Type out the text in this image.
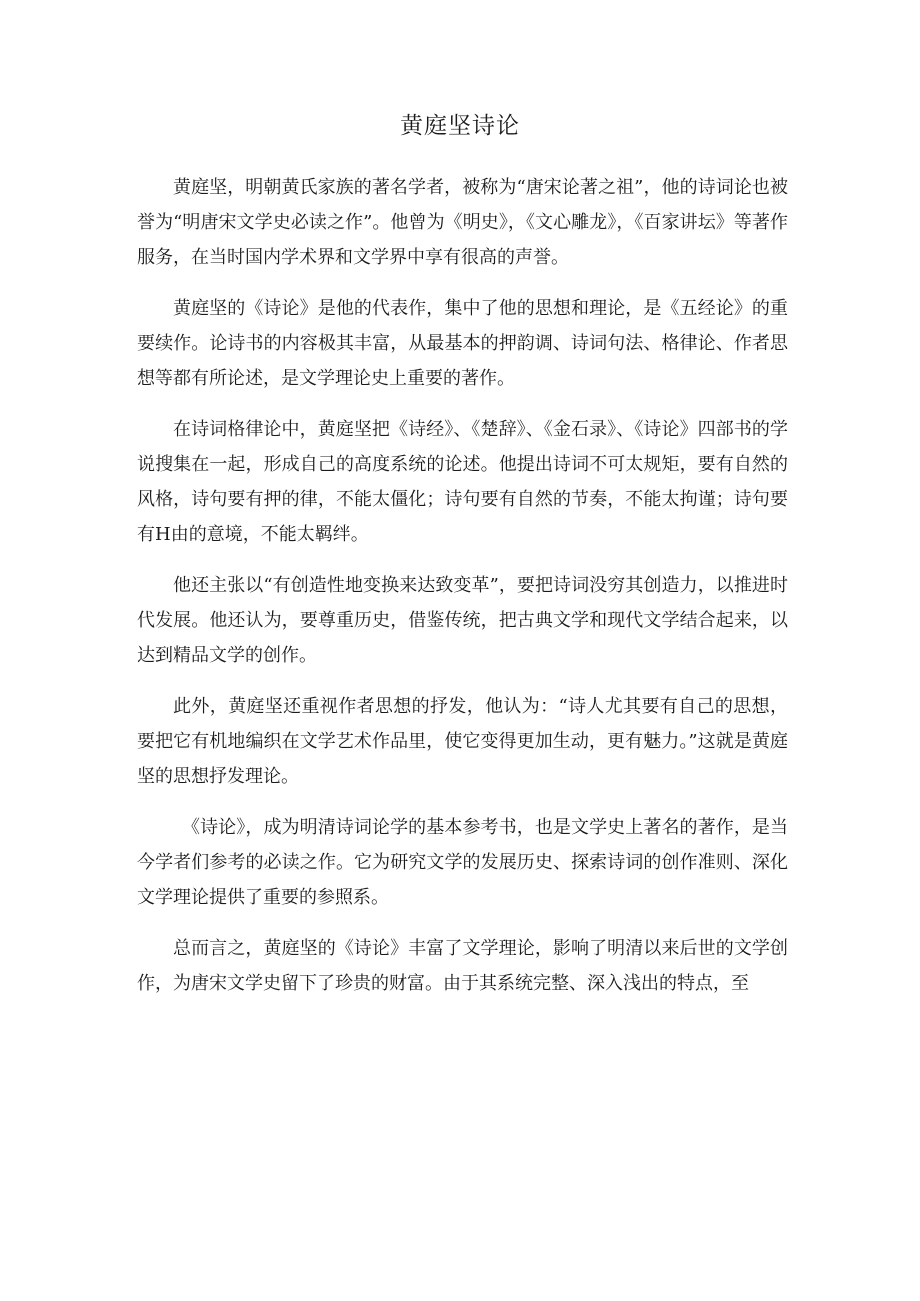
黄庭坚诗论

黄庭坚，明朝黄氏家族的著名学者，被称为“唐宋论著之祖”，他的诗词论也被誉为“明唐宋文学史必读之作”。他曾为《明史》，《文心雕龙》，《百家讲坛》等著作服务，在当时国内学术界和文学界中享有很高的声誉。

黄庭坚的《诗论》是他的代表作，集中了他的思想和理论，是《五经论》的重要续作。论诗书的内容极其丰富，从最基本的押韵调、诗词句法、格律论、作者思想等都有所论述，是文学理论史上重要的著作。

在诗词格律论中，黄庭坚把《诗经》、《楚辞》、《金石录》、《诗论》四部书的学说搜集在一起，形成自己的高度系统的论述。他提出诗词不可太规矩，要有自然的风格，诗句要有押的律，不能太僵化；诗句要有自然的节奏，不能太拘谨；诗句要有H由的意境，不能太羁绊。

他还主张以“有创造性地变换来达致变革”，要把诗词没穷其创造力，以推进时代发展。他还认为，要尊重历史，借鉴传统，把古典文学和现代文学结合起来，以达到精品文学的创作。

此外，黄庭坚还重视作者思想的抒发，他认为：“诗人尤其要有自己的思想，要把它有机地编织在文学艺术作品里，使它变得更加生动，更有魅力。”这就是黄庭坚的思想抒发理论。

《诗论》，成为明清诗词论学的基本参考书，也是文学史上著名的著作，是当今学者们参考的必读之作。它为研究文学的发展历史、探索诗词的创作准则、深化文学理论提供了重要的参照系。

总而言之，黄庭坚的《诗论》丰富了文学理论，影响了明清以来后世的文学创作，为唐宋文学史留下了珍贵的财富。由于其系统完整、深入浅出的特点，至
